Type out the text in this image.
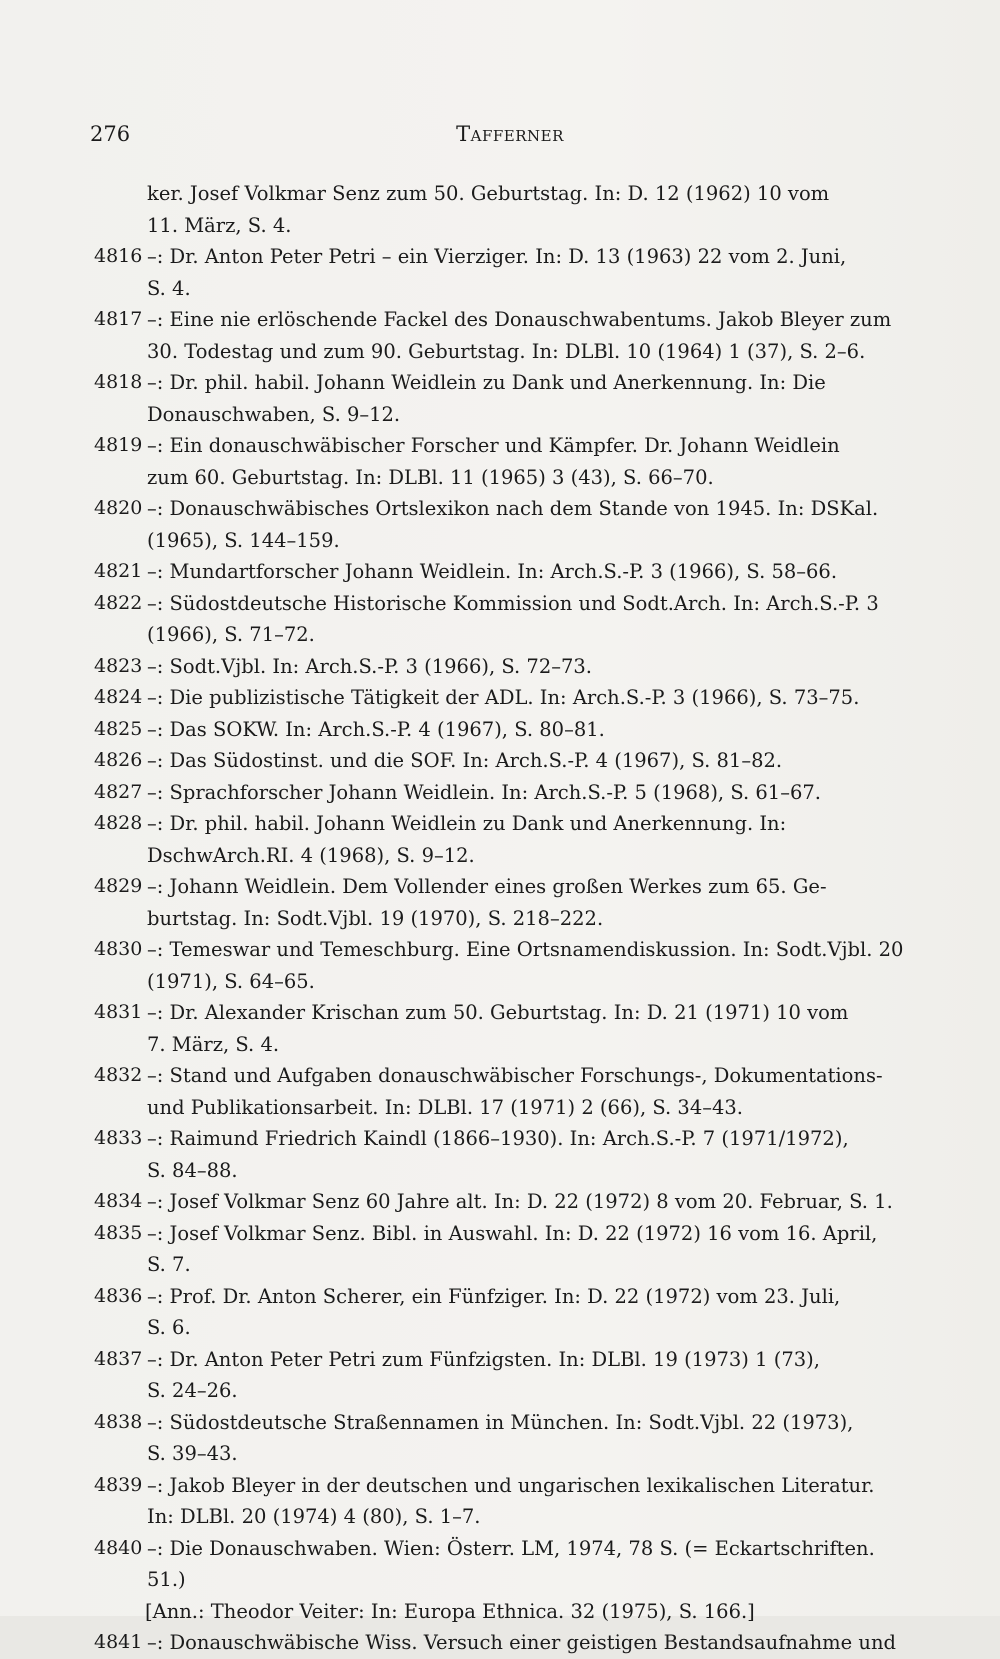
276	Tafferner
ker. Josef Volkmar Senz zum 50. Geburtstag. In: D. 12 (1962) 10 vom
11. März, S. 4.
4816 –: Dr. Anton Peter Petri – ein Vierziger. In: D. 13 (1963) 22 vom 2. Juni,
S. 4.
4817 –: Eine nie erlöschende Fackel des Donauschwabentums. Jakob Bleyer zum
30. Todestag und zum 90. Geburtstag. In: DLBl. 10 (1964) 1 (37), S. 2–6.
4818 –: Dr. phil. habil. Johann Weidlein zu Dank und Anerkennung. In: Die
Donauschwaben, S. 9–12.
4819 –: Ein donauschwäbischer Forscher und Kämpfer. Dr. Johann Weidlein
zum 60. Geburtstag. In: DLBl. 11 (1965) 3 (43), S. 66–70.
4820 –: Donauschwäbisches Ortslexikon nach dem Stande von 1945. In: DSKal.
(1965), S. 144–159.
4821 –: Mundartforscher Johann Weidlein. In: Arch.S.-P. 3 (1966), S. 58–66.
4822 –: Südostdeutsche Historische Kommission und Sodt.Arch. In: Arch.S.-P. 3
(1966), S. 71–72.
4823 –: Sodt.Vjbl. In: Arch.S.-P. 3 (1966), S. 72–73.
4824 –: Die publizistische Tätigkeit der ADL. In: Arch.S.-P. 3 (1966), S. 73–75.
4825 –: Das SOKW. In: Arch.S.-P. 4 (1967), S. 80–81.
4826 –: Das Südostinst. und die SOF. In: Arch.S.-P. 4 (1967), S. 81–82.
4827 –: Sprachforscher Johann Weidlein. In: Arch.S.-P. 5 (1968), S. 61–67.
4828 –: Dr. phil. habil. Johann Weidlein zu Dank und Anerkennung. In:
DschwArch.RI. 4 (1968), S. 9–12.
4829 –: Johann Weidlein. Dem Vollender eines großen Werkes zum 65. Ge-
burtstag. In: Sodt.Vjbl. 19 (1970), S. 218–222.
4830 –: Temeswar und Temeschburg. Eine Ortsnamendiskussion. In: Sodt.Vjbl. 20
(1971), S. 64–65.
4831 –: Dr. Alexander Krischan zum 50. Geburtstag. In: D. 21 (1971) 10 vom
7. März, S. 4.
4832 –: Stand und Aufgaben donauschwäbischer Forschungs-, Dokumentations-
und Publikationsarbeit. In: DLBl. 17 (1971) 2 (66), S. 34–43.
4833 –: Raimund Friedrich Kaindl (1866–1930). In: Arch.S.-P. 7 (1971/1972),
S. 84–88.
4834 –: Josef Volkmar Senz 60 Jahre alt. In: D. 22 (1972) 8 vom 20. Februar, S. 1.
4835 –: Josef Volkmar Senz. Bibl. in Auswahl. In: D. 22 (1972) 16 vom 16. April,
S. 7.
4836 –: Prof. Dr. Anton Scherer, ein Fünfziger. In: D. 22 (1972) vom 23. Juli,
S. 6.
4837 –: Dr. Anton Peter Petri zum Fünfzigsten. In: DLBl. 19 (1973) 1 (73),
S. 24–26.
4838 –: Südostdeutsche Straßennamen in München. In: Sodt.Vjbl. 22 (1973),
S. 39–43.
4839 –: Jakob Bleyer in der deutschen und ungarischen lexikalischen Literatur.
In: DLBl. 20 (1974) 4 (80), S. 1–7.
4840 –: Die Donauschwaben. Wien: Österr. LM, 1974, 78 S. (= Eckartschriften.
51.)
[Ann.: Theodor Veiter: In: Europa Ethnica. 32 (1975), S. 166.]
4841 –: Donauschwäbische Wiss. Versuch einer geistigen Bestandsaufnahme und
